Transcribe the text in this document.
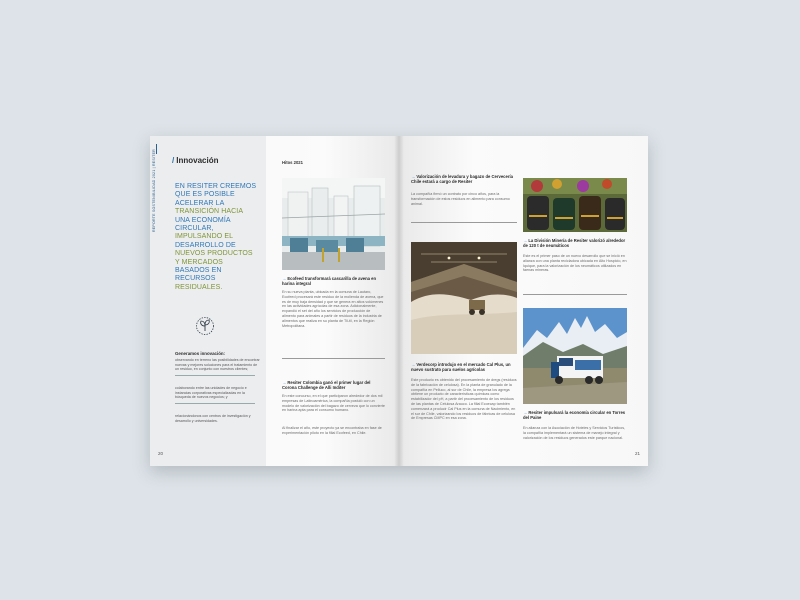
REPORTE SOSTENIBILIDAD 2021 | RESITER	/ Innovación
EN RESITER CREEMOS
QUE ES POSIBLE
ACELERAR LA
TRANSICIÓN HACIA
UNA ECONOMÍA
CIRCULAR,
IMPULSANDO EL
DESARROLLO DE
NUEVOS PRODUCTOS
Y MERCADOS
BASADOS EN
RECURSOS
RESIDUALES.
Generamos innovación:
observando en terreno las posibilidades de encontrar nuevas y mejores soluciones para el tratamiento de un residuo, en conjunto con nuestros clientes;
colaborando entre las unidades de negocio e instancias corporativas especializadas en la búsqueda de nuevos negocios; y
relacionándonos con centros de investigación y desarrollo y universidades.
20
Hitos 2021
→ Ecofeed transformará cascarilla de avena en harina integral
En su nueva planta, ubicada en la comuna de Lautaro, Ecofeed procesará este residuo de la molienda de avena, que es de muy baja densidad y que se genera en altos volúmenes en las actividades agrícolas de esa zona. Adicionalmente, expandió el set del año los servicios de producción de alimento para animales a partir de residuos de la industria de alimentos que realiza en su planta de Til-til, en la Región Metropolitana.
→ Resiter Colombia ganó el primer lugar del Corona Challenge de Alli Inditer
En este concurso, en el que participaron alrededor de dos mil empresas de Latinoamérica, la compañía postuló con un modelo de valorización del bagazo de cerveza que lo convierte en harina apta para el consumo humano.
Al finalizar el año, este proyecto ya se encontraba en fase de experimentación piloto en la filial Ecofeed, en Chile.
→ Valorización de levadura y bagazo de Cervecería Chile estará a cargo de Resiter
La compañía firmó un contrato por cinco años, para la transformación de estos residuos en alimento para consumo animal.
→ Verdecorp introdujo en el mercado Cal Plus, un nuevo sustrato para suelos agrícolas
Este producto es obtenido del procesamiento de dregs (residuos de la fabricación de celulosa). En la planta de granulado de la compañía en Pelluco, al sur de Chile, la empresa los agrega obtiene un producto de características químicas como estabilizador del pH, a partir del procesamiento de los residuos de las plantas de Celulosa Arauco. La filial Ecoecap también comenzará a producir Cal Plus en la comuna de Nacimiento, en el sur de Chile, valorizando los residuos de fábricas de celulosa de Empresas CMPC en esa zona.
→ La División Minería de Resiter valorizó alrededor de 120 t de neumáticos
Este es el primer paso de un nuevo desarrollo que se inició en alianza con una planta recicladora ubicada en Alto Hospicio, en Iquique, para la valorización de los neumáticos utilizados en faenas mineras.
→ Resiter impulsará la economía circular en Torres del Paine
En alianza con la Asociación de Hoteles y Servicios Turísticos, la compañía implementará un sistema de manejo integral y valorización de los residuos generados este parque nacional.
21
